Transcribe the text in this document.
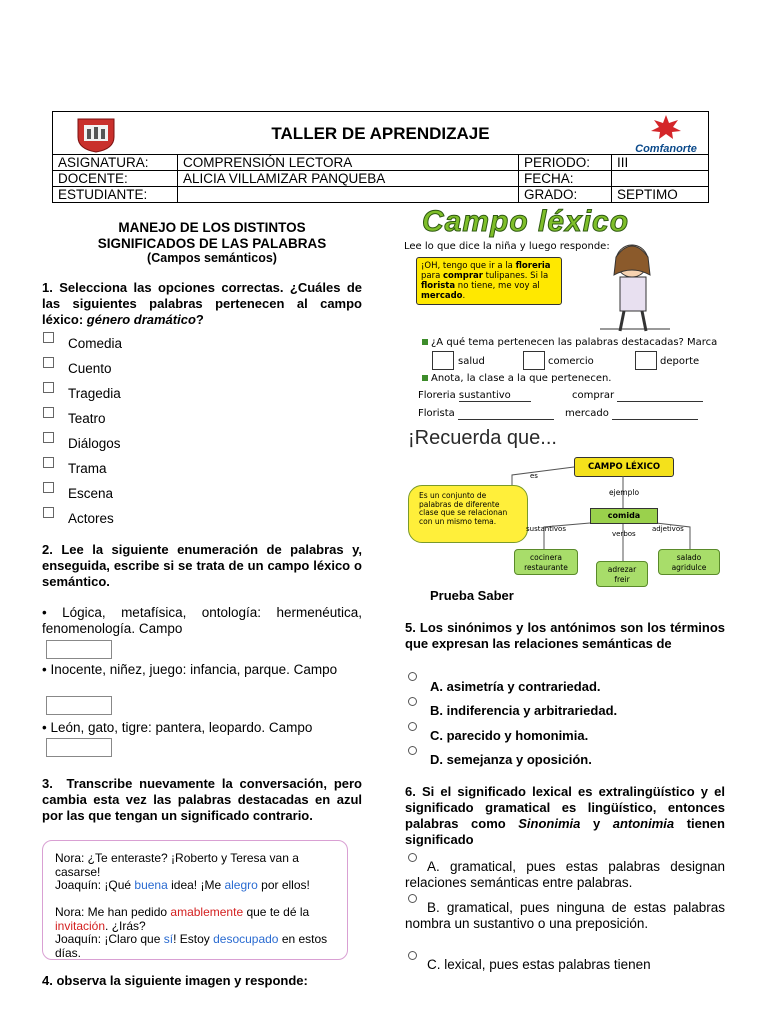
TALLER DE APRENDIZAJE
Comfanorte
ASIGNATURA:	COMPRENSIÓN LECTORA	PERIODO:	III
DOCENTE:	ALICIA VILLAMIZAR PANQUEBA	FECHA:	
ESTUDIANTE:		GRADO:	SEPTIMO
MANEJO DE LOS DISTINTOS
SIGNIFICADOS DE LAS PALABRAS
(Campos semánticos)
1. Selecciona las opciones correctas. ¿Cuáles de las siguientes palabras pertenecen al campo léxico: género dramático?
Comedia
Cuento
Tragedia
Teatro
Diálogos
Trama
Escena
Actores
2. Lee la siguiente enumeración de palabras y, enseguida, escribe si se trata de un campo léxico o semántico.
• Lógica, metafísica, ontología: hermenéutica, fenomenología. Campo
• Inocente, niñez, juego: infancia, parque. Campo
• León, gato, tigre: pantera, leopardo. Campo
3. Transcribe nuevamente la conversación, pero cambia esta vez las palabras destacadas en azul por las que tengan un significado contrario.
Nora: ¿Te enteraste? ¡Roberto y Teresa van a casarse!
Joaquín: ¡Qué buena idea! ¡Me alegro por ellos!
Nora: Me han pedido amablemente que te dé la invitación. ¿Irás?
Joaquín: ¡Claro que sí! Estoy desocupado en estos días.
4. observa la siguiente imagen y responde:
Campo léxico
Lee lo que dice la niña y luego responde:
¡OH, tengo que ir a la floreria para comprar tulipanes. Si la florista no tiene, me voy al mercado.
¿A qué tema pertenecen las palabras destacadas? Marca
salud	comercio	deporte
Anota, la clase a la que pertenecen.
Floreria sustantivo	comprar
Florista	mercado
¡Recuerda que...
CAMPO LÉXICO
es
Es un conjunto de palabras de diferente clase que se relacionan con un mismo tema.
ejemplo
comida
sustantivos
verbos
adjetivos
cocinera
restaurante	adrezar
freir
salado
agridulce
Prueba Saber
5. Los sinónimos y los antónimos son los términos que expresan las relaciones semánticas de
A. asimetría y contrariedad.
B. indiferencia y arbitrariedad.
C. parecido y homonimia.
D. semejanza y oposición.
6. Si el significado lexical es extralingüístico y el significado gramatical es lingüístico, entonces palabras como Sinonimia y antonimia tienen significado
A. gramatical, pues estas palabras designan relaciones semánticas entre palabras.
B. gramatical, pues ninguna de estas palabras nombra un sustantivo o una preposición.
C. lexical, pues estas palabras tienen
